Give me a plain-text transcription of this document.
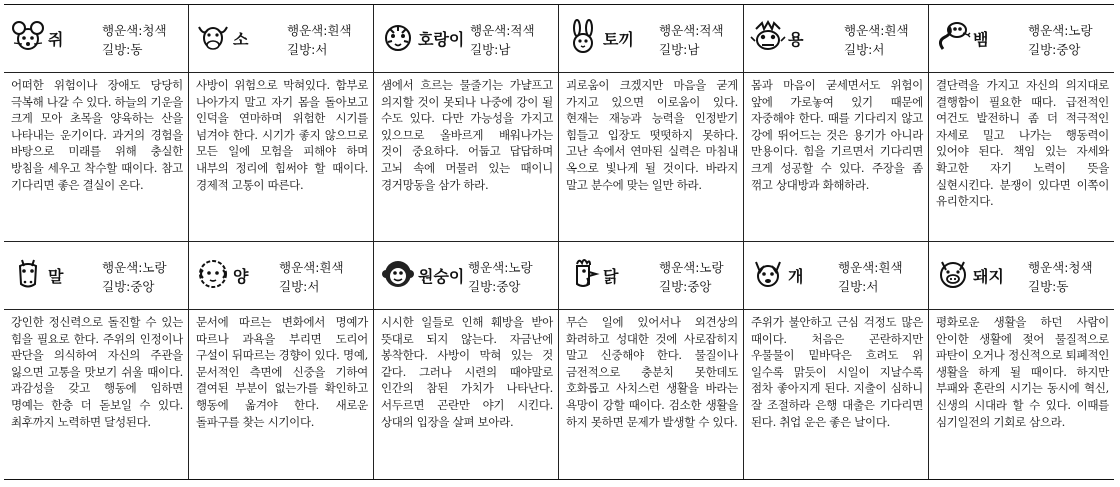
쥐	행운색:청색
길방:동
어떠한 위험이나 장애도 당당히 극복해 나갈 수 있다. 하늘의 기운을 크게 모아 초목을 양육하는 산을 나타내는 운기이다. 과거의 경험을 바탕으로 미래를 위해 충실한 방침을 세우고 착수할 때이다. 참고 기다리면 좋은 결실이 온다.
소	행운색:흰색
길방:서
사방이 위험으로 막혀있다. 함부로 나아가지 말고 자기 몸을 돌아보고 인덕을 연마하며 위험한 시기를 넘겨야 한다. 시기가 좋지 않으므로 모든 일에 모험을 피해야 하며 내부의 정리에 힘써야 할 때이다. 경제적 고통이 따른다.
호랑이 행운색:적색
길방:남
샘에서 흐르는 물줄기는 가냘프고 의지할 것이 못되나 나중에 강이 될 수도 있다. 다만 가능성을 가지고 있으므로 올바르게 배워나가는 것이 중요하다. 어둡고 답답하며 고뇌 속에 머물러 있는 때이니 경거망동을 삼가 하라.
토끼 행운색:적색
길방:남
괴로움이 크겠지만 마음을 굳게 가지고 있으면 이로움이 있다. 현재는 재능과 능력을 인정받기 힘들고 입장도 떳떳하지 못하다. 고난 속에서 연마된 실력은 마침내 옥으로 빛나게 될 것이다. 바라지 말고 분수에 맞는 일만 하라.
용	행운색:흰색
길방:서
몸과 마음이 굳세면서도 위험이 앞에 가로놓여 있기 때문에 자중해야 한다. 때를 기다리지 않고 강에 뛰어드는 것은 용기가 아니라 만용이다. 힘을 기르면서 기다리면 크게 성공할 수 있다. 주장을 좀 꺾고 상대방과 화해하라.
뱀	행운색:노랑
길방:중앙
결단력을 가지고 자신의 의지대로 결행함이 필요한 때다. 급전적인 여건도 발전하니 좀 더 적극적인 자세로 밀고 나가는 행동력이 있어야 된다. 책임 있는 자세와 확고한 자기 노력이 뜻을 실현시킨다. 분쟁이 있다면 이쪽이 유리한지다.
말	행운색:노랑
길방:중앙
강인한 정신력으로 돌진할 수 있는 힘을 필요로 한다. 주위의 인정이나 판단을 의식하여 자신의 주관을 잃으면 고통을 맛보기 쉬울 때이다. 과감성을 갖고 행동에 임하면 명예는 한층 더 돋보일 수 있다. 최후까지 노력하면 달성된다.
양 행운색:흰색
길방:서
문서에 따르는 변화에서 명예가 따르나 과욕을 부리면 도리어 구설이 뒤따르는 경향이 있다. 명예, 문서적인 측면에 신중을 기하여 결여된 부분이 없는가를 확인하고 행동에 옮겨야 한다. 새로운 돌파구를 찾는 시기이다.
원숭이 행운색:노랑
길방:중앙
시시한 일들로 인해 훼방을 받아 뜻대로 되지 않는다. 자금난에 봉착한다. 사방이 막혀 있는 것 같다. 그러나 시련의 때야말로 인간의 참된 가치가 나타난다. 서두르면 곤란만 야기 시킨다. 상대의 입장을 살펴 보아라.
닭	행운색:노랑
길방:중앙
무슨 일에 있어서나 외견상의 화려하고 성대한 것에 사로잡히지 말고 신중해야 한다. 물질이나 금전적으로 충분치 못한데도 호화롭고 사치스런 생활을 바라는 욕망이 강할 때이다. 검소한 생활을 하지 못하면 문제가 발생할 수 있다.
개	행운색:흰색
길방:서
주위가 불안하고 근심 걱정도 많은 때이다. 처음은 곤란하지만 우물물이 밑바닥은 흐려도 위 일수록 맑듯이 시일이 지날수록 점차 좋아지게 된다. 지출이 심하니 잘 조절하라 은행 대출은 기다리면 된다. 취업 운은 좋은 날이다.
돼지 행운색:청색
길방:동
평화로운 생활을 하던 사람이 안이한 생활에 젖어 물질적으로 파탄이 오거나 정신적으로 퇴폐적인 생활을 하게 될 때이다. 하지만 부패와 혼란의 시기는 동시에 혁신, 신생의 시대라 할 수 있다. 이때를 심기일전의 기회로 삼으라.
